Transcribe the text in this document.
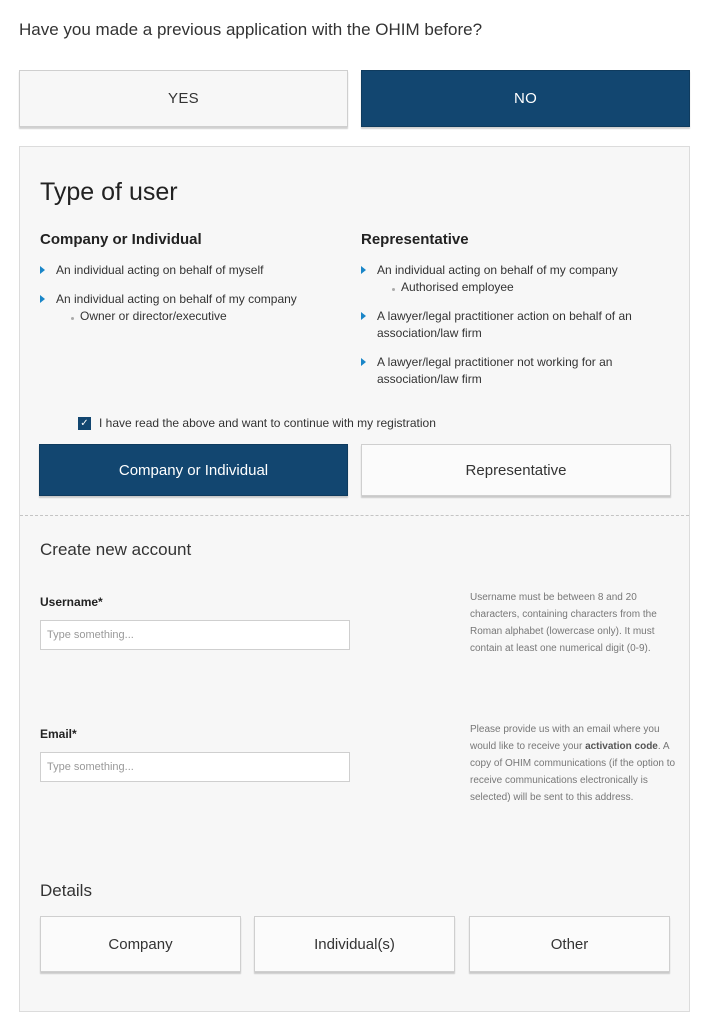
Have you made a previous application with the OHIM before?
YES	NO
Type of user
Company or Individual	Representative
An individual acting on behalf of myself
An individual acting on behalf of my company
Owner or director/executive
An individual acting on behalf of my company
Authorised employee
A lawyer/legal practitioner action on behalf of an association/law firm
A lawyer/legal practitioner not working for an association/law firm
✓ I have read the above and want to continue with my registration
Company or Individual	Representative
Create new account
Username*
Type something...	Username must be between 8 and 20 characters, containing characters from the Roman alphabet (lowercase only). It must contain at least one numerical digit (0-9).
Email*
Type something...	Please provide us with an email where you would like to receive your activation code. A copy of OHIM communications (if the option to receive communications electronically is selected) will be sent to this address.
Details
Company	Individual(s)	Other
